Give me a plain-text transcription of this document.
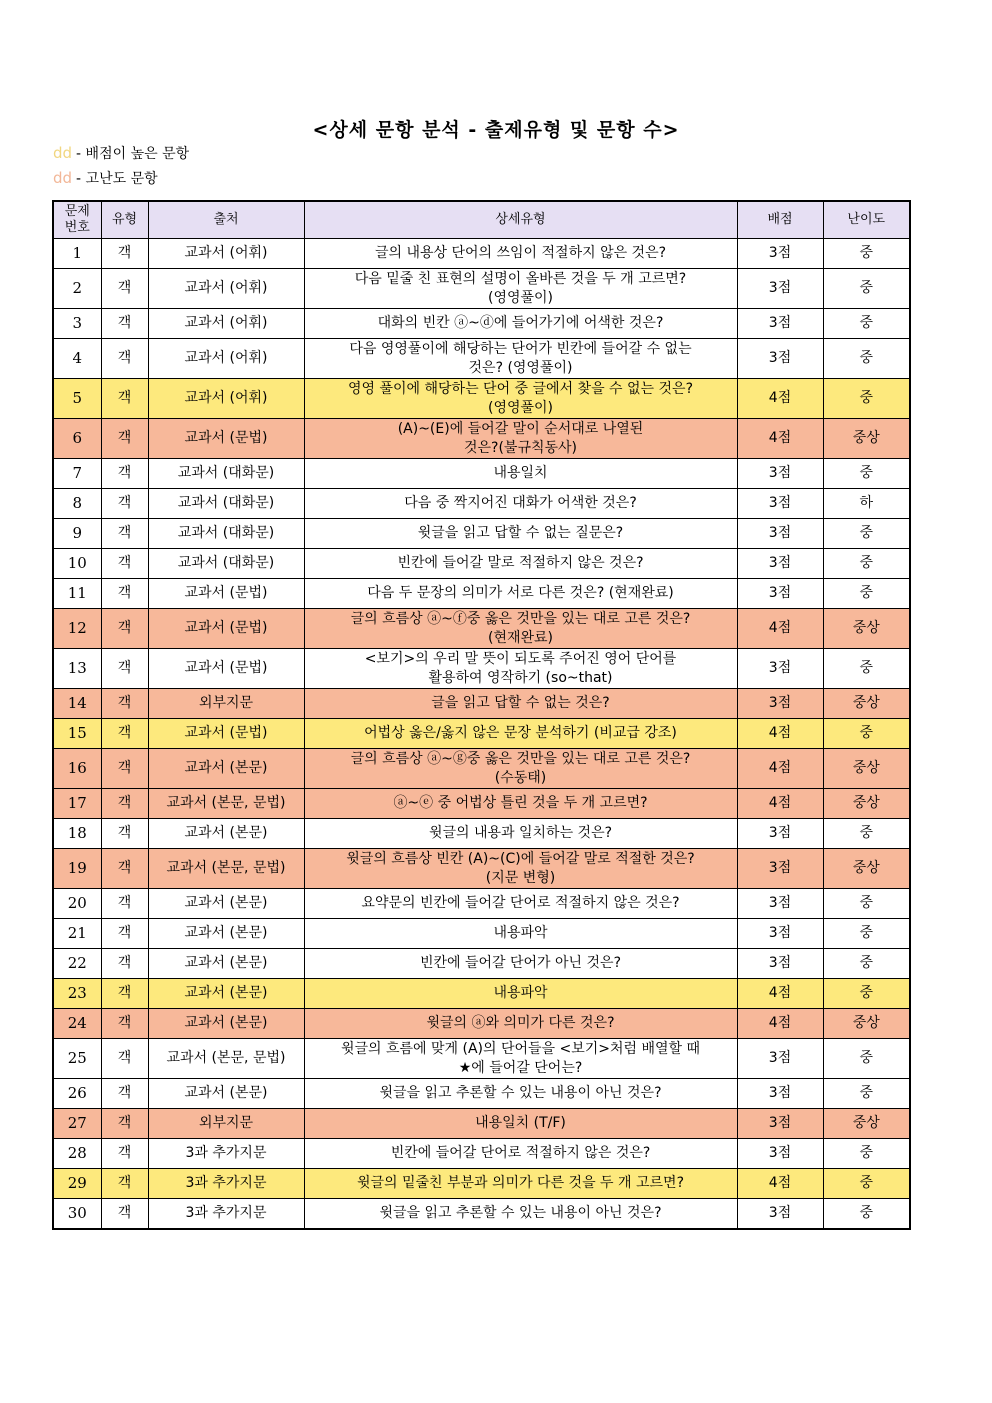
<상세 문항 분석 - 출제유형 및 문항 수>
dd - 배점이 높은 문항
dd - 고난도 문항
문제
번호	유형	출처	상세유형	배점	난이도
1	객	교과서 (어휘)	글의 내용상 단어의 쓰임이 적절하지 않은 것은?	3점	중
2	객	교과서 (어휘)	다음 밑줄 친 표현의 설명이 올바른 것을 두 개 고르면?
(영영풀이)	3점	중
3	객	교과서 (어휘)	대화의 빈칸 ⓐ~ⓓ에 들어가기에 어색한 것은?	3점	중
4	객	교과서 (어휘)	다음 영영풀이에 해당하는 단어가 빈칸에 들어갈 수 없는
것은? (영영풀이)	3점	중
5	객	교과서 (어휘)	영영 풀이에 해당하는 단어 중 글에서 찾을 수 없는 것은?
(영영풀이)	4점	중
6	객	교과서 (문법)	(A)~(E)에 들어갈 말이 순서대로 나열된
것은?(불규칙동사)	4점	중상
7	객	교과서 (대화문)	내용일치	3점	중
8	객	교과서 (대화문)	다음 중 짝지어진 대화가 어색한 것은?	3점	하
9	객	교과서 (대화문)	윗글을 읽고 답할 수 없는 질문은?	3점	중
10	객	교과서 (대화문)	빈칸에 들어갈 말로 적절하지 않은 것은?	3점	중
11	객	교과서 (문법)	다음 두 문장의 의미가 서로 다른 것은? (현재완료)	3점	중
12	객	교과서 (문법)	글의 흐름상 ⓐ~ⓕ중 옳은 것만을 있는 대로 고른 것은?
(현재완료)	4점	중상
13	객	교과서 (문법)	<보기>의 우리 말 뜻이 되도록 주어진 영어 단어를
활용하여 영작하기 (so~that)	3점	중
14	객	외부지문	글을 읽고 답할 수 없는 것은?	3점	중상
15	객	교과서 (문법)	어법상 옳은/옳지 않은 문장 분석하기 (비교급 강조)	4점	중
16	객	교과서 (본문)	글의 흐름상 ⓐ~ⓖ중 옳은 것만을 있는 대로 고른 것은?
(수동태)	4점	중상
17	객	교과서 (본문, 문법)	ⓐ~ⓔ 중 어법상 틀린 것을 두 개 고르면?	4점	중상
18	객	교과서 (본문)	윗글의 내용과 일치하는 것은?	3점	중
19	객	교과서 (본문, 문법)	윗글의 흐름상 빈칸 (A)~(C)에 들어갈 말로 적절한 것은?
(지문 변형)	3점	중상
20	객	교과서 (본문)	요약문의 빈칸에 들어갈 단어로 적절하지 않은 것은?	3점	중
21	객	교과서 (본문)	내용파악	3점	중
22	객	교과서 (본문)	빈칸에 들어갈 단어가 아닌 것은?	3점	중
23	객	교과서 (본문)	내용파악	4점	중
24	객	교과서 (본문)	윗글의 ⓐ와 의미가 다른 것은?	4점	중상
25	객	교과서 (본문, 문법)	윗글의 흐름에 맞게 (A)의 단어들을 <보기>처럼 배열할 때
★에 들어갈 단어는?	3점	중
26	객	교과서 (본문)	윗글을 읽고 추론할 수 있는 내용이 아닌 것은?	3점	중
27	객	외부지문	내용일치 (T/F)	3점	중상
28	객	3과 추가지문	빈칸에 들어갈 단어로 적절하지 않은 것은?	3점	중
29	객	3과 추가지문	윗글의 밑줄친 부분과 의미가 다른 것을 두 개 고르면?	4점	중
30	객	3과 추가지문	윗글을 읽고 추론할 수 있는 내용이 아닌 것은?	3점	중
